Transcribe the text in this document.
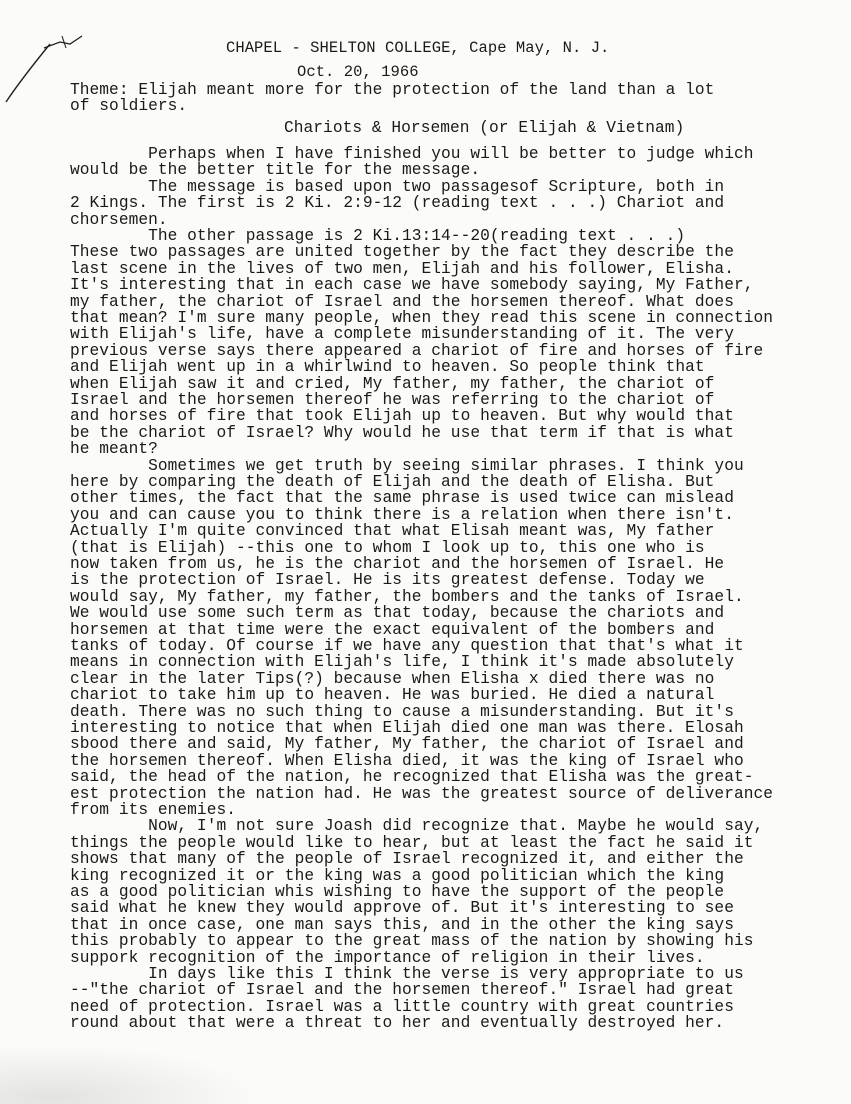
CHAPEL - SHELTON COLLEGE, Cape May, N. J.
Oct. 20, 1966
Theme: Elijah meant more for the protection of the land than a lot
of soldiers.
Chariots & Horsemen (or Elijah & Vietnam)
Perhaps when I have finished you will be better to judge which
would be the better title for the message.
The message is based upon two passagesof Scripture, both in
2 Kings. The first is 2 Ki. 2:9-12 (reading text . . .) Chariot and
chorsemen.
The other passage is 2 Ki.13:14--20(reading text . . .)
These two passages are united together by the fact they describe the
last scene in the lives of two men, Elijah and his follower, Elisha.
It's interesting that in each case we have somebody saying, My Father,
my father, the chariot of Israel and the horsemen thereof. What does
that mean? I'm sure many people, when they read this scene in connection
with Elijah's life, have a complete misunderstanding of it. The very
previous verse says there appeared a chariot of fire and horses of fire
and Elijah went up in a whirlwind to heaven. So people think that
when Elijah saw it and cried, My father, my father, the chariot of
Israel and the horsemen thereof he was referring to the chariot of
and horses of fire that took Elijah up to heaven. But why would that
be the chariot of Israel? Why would he use that term if that is what
he meant?
Sometimes we get truth by seeing similar phrases. I think you
here by comparing the death of Elijah and the death of Elisha. But
other times, the fact that the same phrase is used twice can mislead
you and can cause you to think there is a relation when there isn't.
Actually I'm quite convinced that what Elisah meant was, My father
(that is Elijah) --this one to whom I look up to, this one who is
now taken from us, he is the chariot and the horsemen of Israel. He
is the protection of Israel. He is its greatest defense. Today we
would say, My father, my father, the bombers and the tanks of Israel.
We would use some such term as that today, because the chariots and
horsemen at that time were the exact equivalent of the bombers and
tanks of today. Of course if we have any question that that's what it
means in connection with Elijah's life, I think it's made absolutely
clear in the later Tips(?) because when Elisha x died there was no
chariot to take him up to heaven. He was buried. He died a natural
death. There was no such thing to cause a misunderstanding. But it's
interesting to notice that when Elijah died one man was there. Elosah
sbood there and said, My father, My father, the chariot of Israel and
the horsemen thereof. When Elisha died, it was the king of Israel who
said, the head of the nation, he recognized that Elisha was the great-
est protection the nation had. He was the greatest source of deliverance
from its enemies.
Now, I'm not sure Joash did recognize that. Maybe he would say,
things the people would like to hear, but at least the fact he said it
shows that many of the people of Israel recognized it, and either the
king recognized it or the king was a good politician which the king
as a good politician whis wishing to have the support of the people
said what he knew they would approve of. But it's interesting to see
that in once case, one man says this, and in the other the king says
this probably to appear to the great mass of the nation by showing his
suppork recognition of the importance of religion in their lives.
In days like this I think the verse is very appropriate to us
--"the chariot of Israel and the horsemen thereof." Israel had great
need of protection. Israel was a little country with great countries
round about that were a threat to her and eventually destroyed her.
